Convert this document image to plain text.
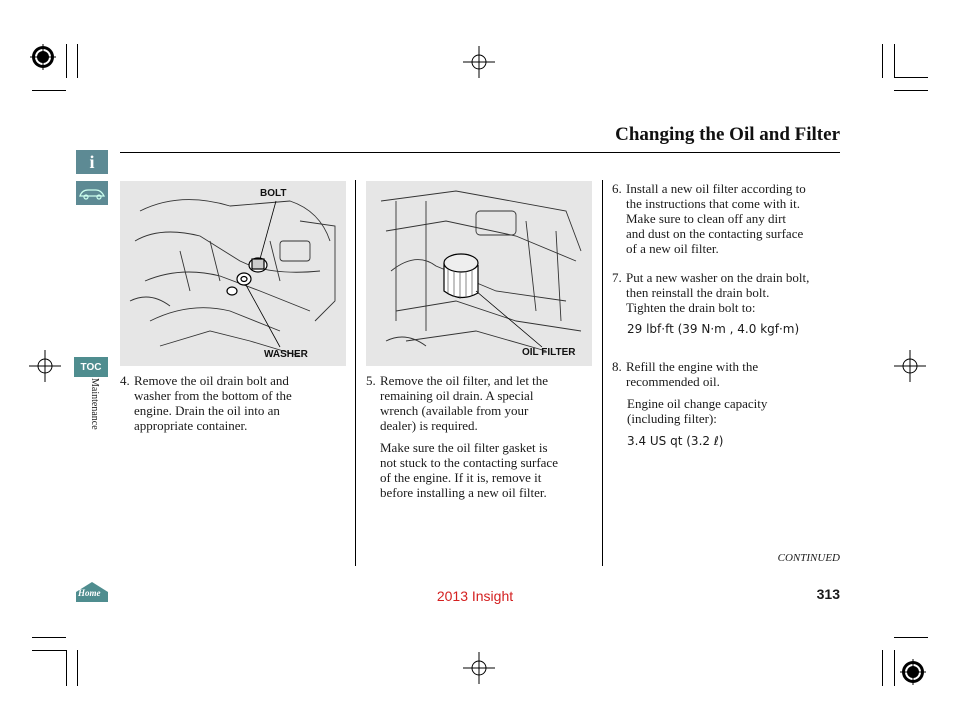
Changing the Oil and Filter
i
TOC
Maintenance
BOLT
WASHER	OIL FILTER
4. Remove the oil drain bolt and
washer from the bottom of the
engine. Drain the oil into an
appropriate container.
5. Remove the oil filter, and let the
remaining oil drain. A special
wrench (available from your
dealer) is required.
Make sure the oil filter gasket is
not stuck to the contacting surface
of the engine. If it is, remove it
before installing a new oil filter.
6. Install a new oil filter according to
the instructions that come with it.
Make sure to clean off any dirt
and dust on the contacting surface
of a new oil filter.
7. Put a new washer on the drain bolt,
then reinstall the drain bolt.
Tighten the drain bolt to:
29 lbf·ft (39 N·m , 4.0 kgf·m)
8. Refill the engine with the
recommended oil.
Engine oil change capacity
(including filter):
3.4 US qt (3.2 ℓ)
CONTINUED
Home	2013 Insight	313
